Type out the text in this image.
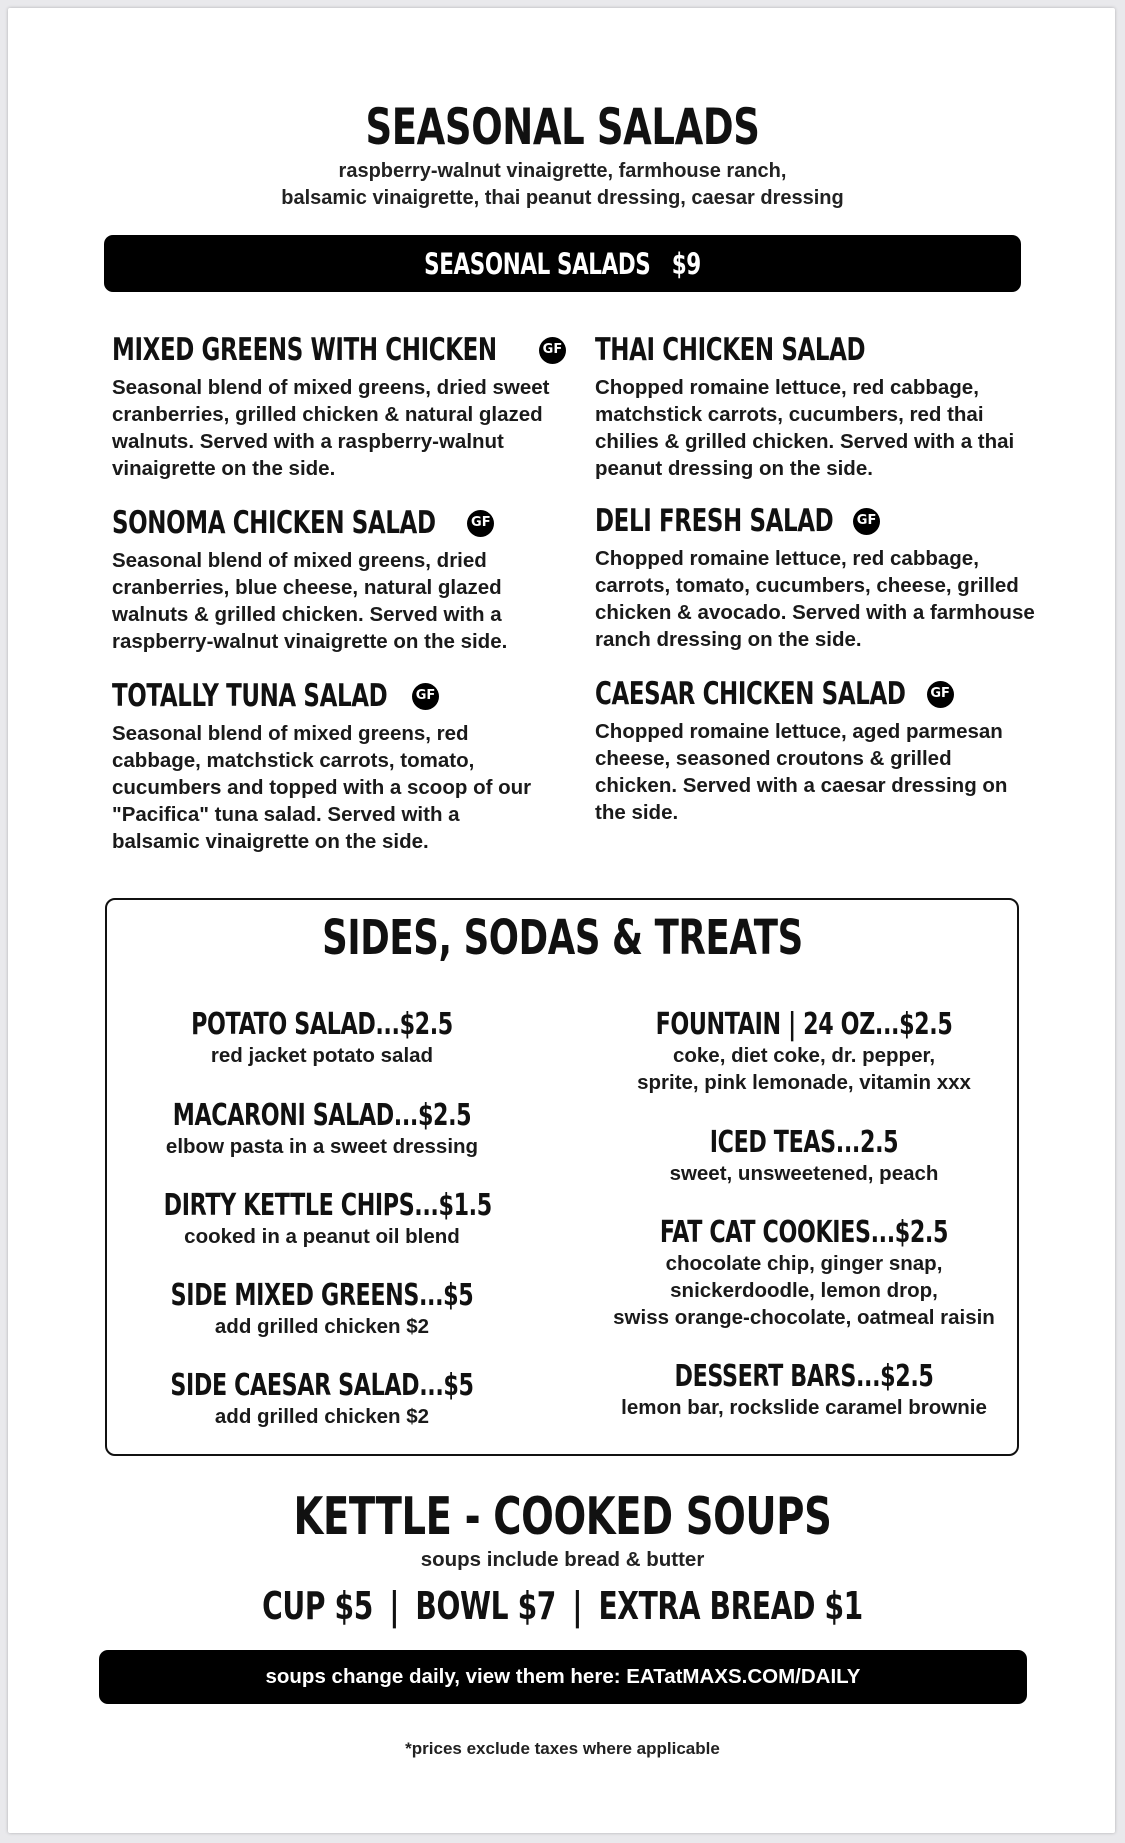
SEASONAL SALADS
raspberry-walnut vinaigrette, farmhouse ranch,
balsamic vinaigrette, thai peanut dressing, caesar dressing
SEASONAL SALADS $9
MIXED GREENS WITH CHICKEN	GF
Seasonal blend of mixed greens, dried sweet cranberries, grilled chicken & natural glazed walnuts. Served with a raspberry-walnut vinaigrette on the side.
SONOMA CHICKEN SALAD	GF
Seasonal blend of mixed greens, dried cranberries, blue cheese, natural glazed walnuts & grilled chicken. Served with a raspberry-walnut vinaigrette on the side.
TOTALLY TUNA SALAD GF
Seasonal blend of mixed greens, red cabbage, matchstick carrots, tomato, cucumbers and topped with a scoop of our "Pacifica" tuna salad. Served with a balsamic vinaigrette on the side.
THAI CHICKEN SALAD
Chopped romaine lettuce, red cabbage, matchstick carrots, cucumbers, red thai chilies & grilled chicken. Served with a thai peanut dressing on the side.
DELI FRESH SALAD GF
Chopped romaine lettuce, red cabbage, carrots, tomato, cucumbers, cheese, grilled chicken & avocado. Served with a farmhouse ranch dressing on the side.
CAESAR CHICKEN SALAD GF
Chopped romaine lettuce, aged parmesan cheese, seasoned croutons & grilled chicken. Served with a caesar dressing on the side.
SIDES, SODAS & TREATS
POTATO SALAD...$2.5
red jacket potato salad
MACARONI SALAD...$2.5
elbow pasta in a sweet dressing
DIRTY KETTLE CHIPS...$1.5
cooked in a peanut oil blend
SIDE MIXED GREENS...$5
add grilled chicken $2
SIDE CAESAR SALAD...$5
add grilled chicken $2
FOUNTAIN | 24 OZ...$2.5
coke, diet coke, dr. pepper,
sprite, pink lemonade, vitamin xxx
ICED TEAS...2.5
sweet, unsweetened, peach
FAT CAT COOKIES...$2.5
chocolate chip, ginger snap,
snickerdoodle, lemon drop,
swiss orange-chocolate, oatmeal raisin
DESSERT BARS...$2.5
lemon bar, rockslide caramel brownie
KETTLE - COOKED SOUPS
soups include bread & butter
CUP $5 | BOWL $7 | EXTRA BREAD $1
soups change daily, view them here: EATatMAXS.COM/DAILY
*prices exclude taxes where applicable
